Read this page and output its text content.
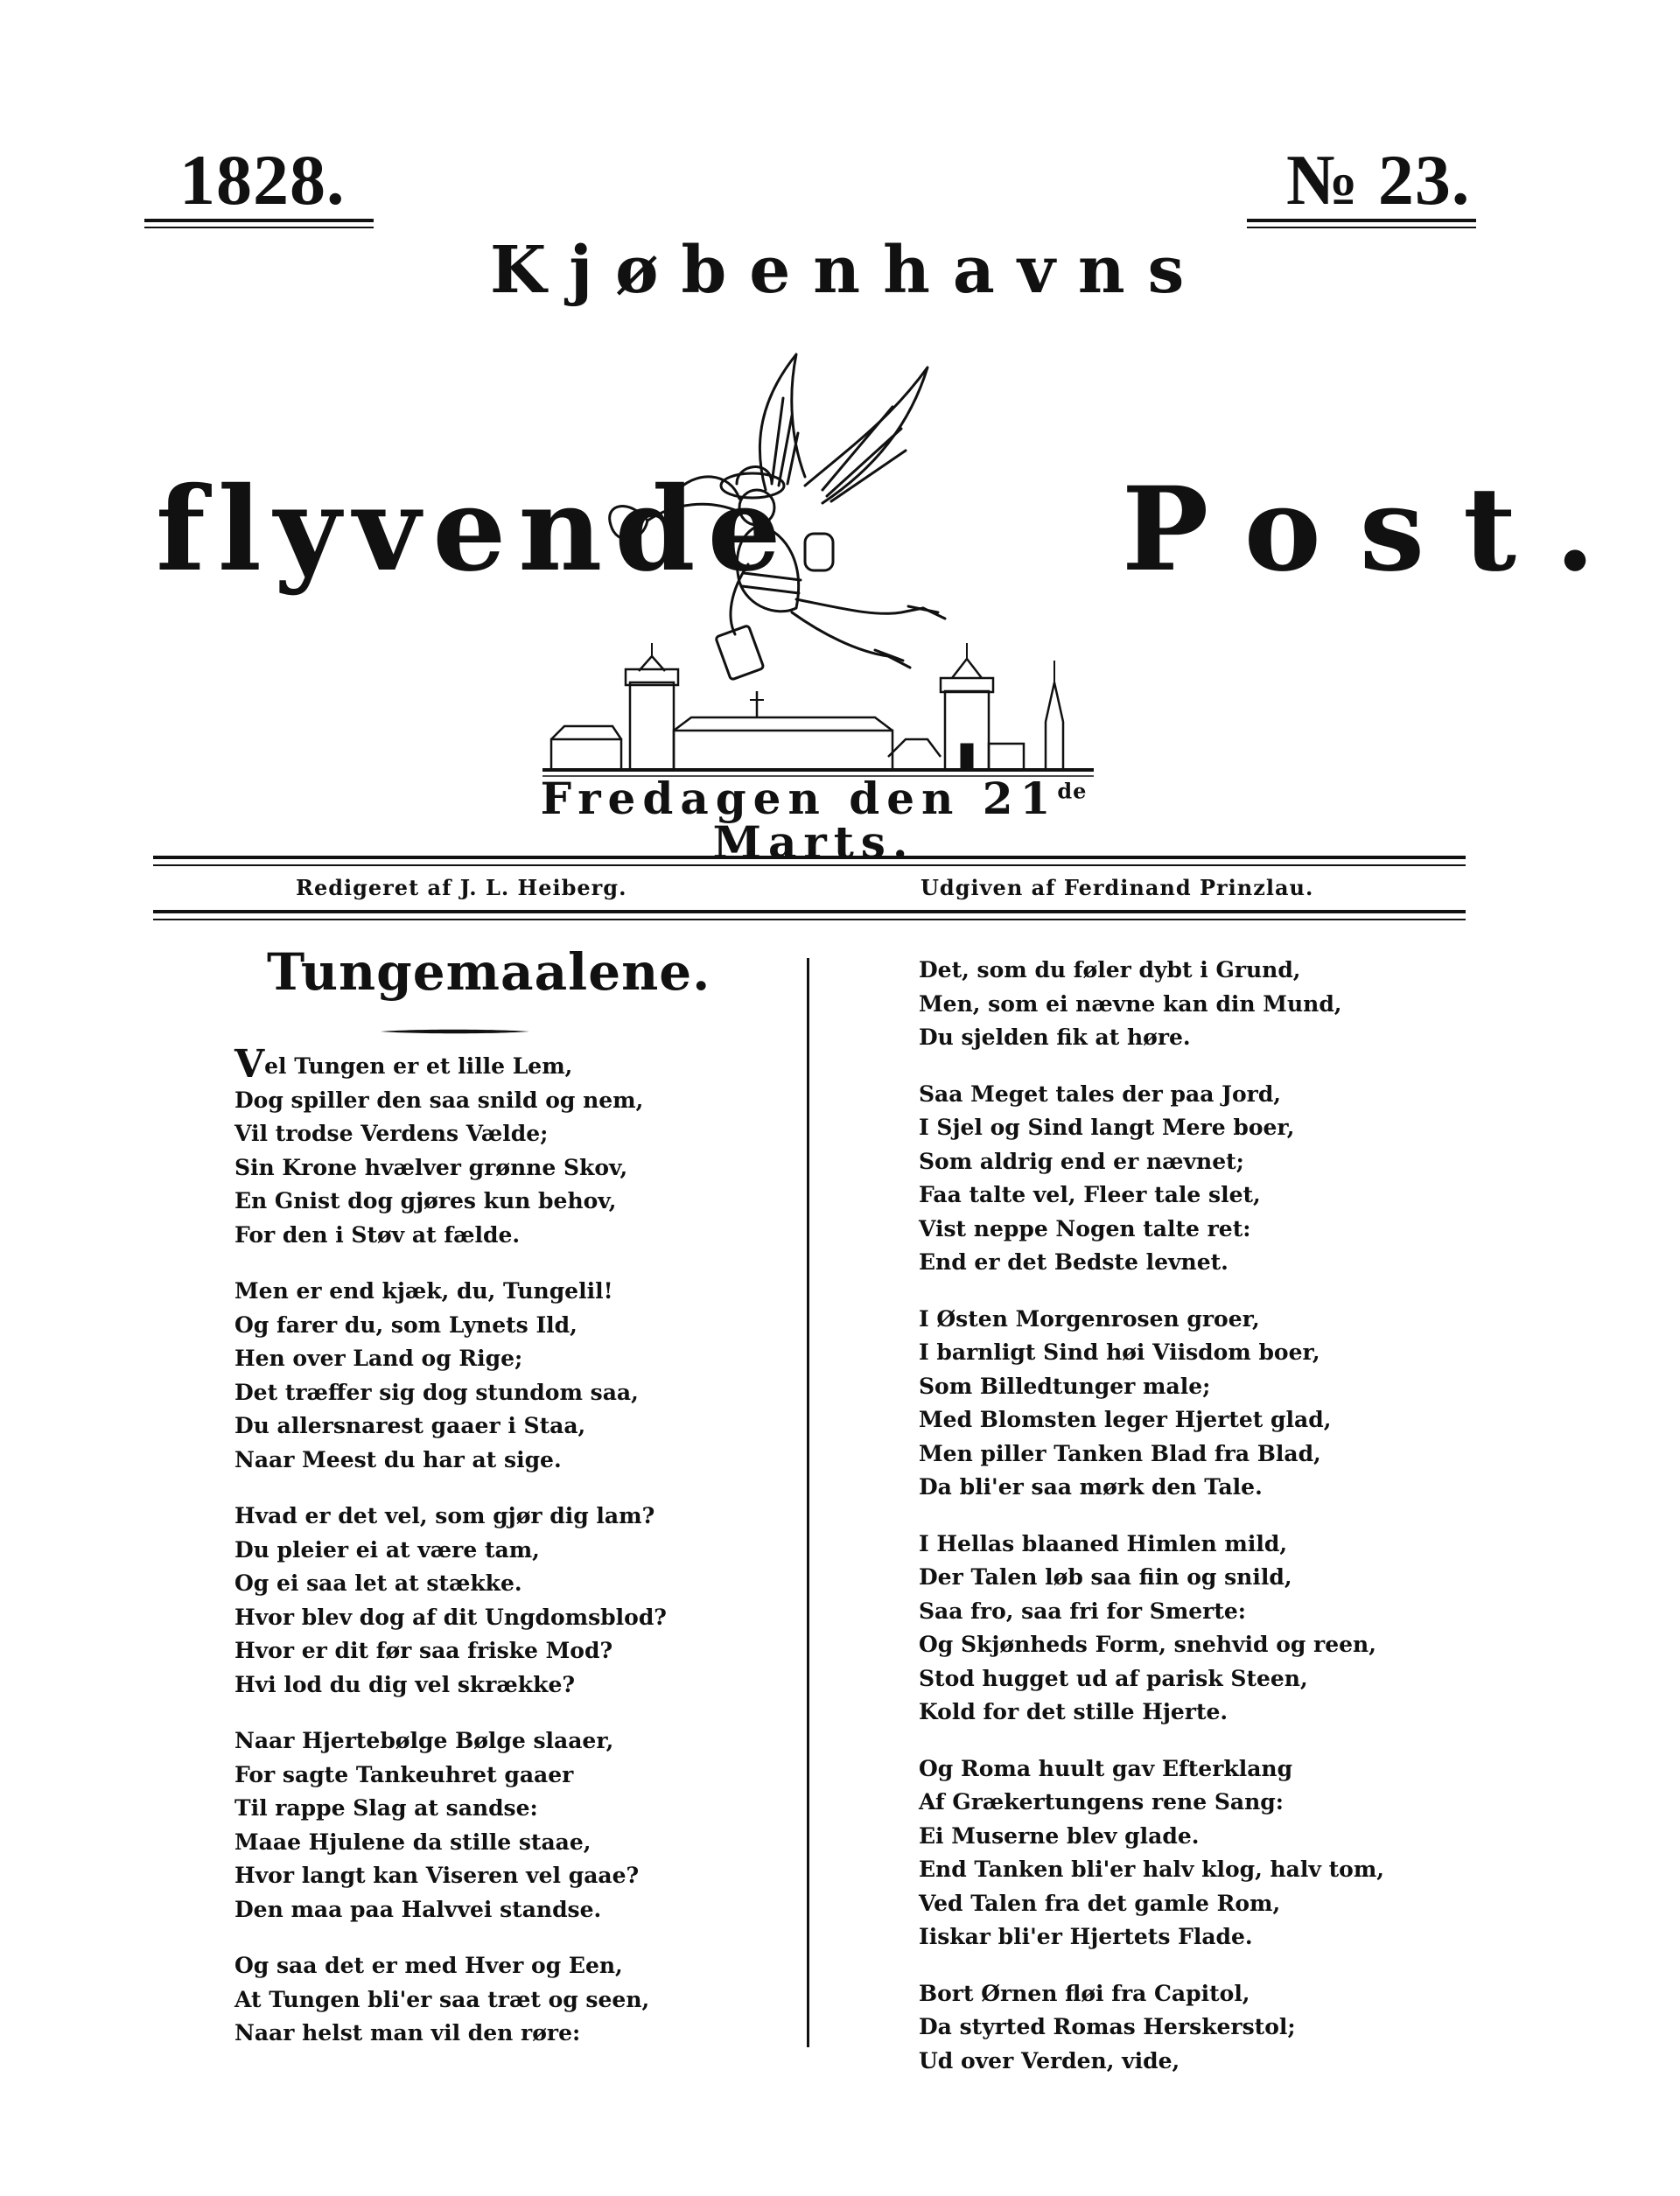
1828.	№ 23.
Kjøbenhavns
flyvende	Post.
Fredagen den 21de Marts.
Redigeret af J. L. Heiberg.	Udgiven af Ferdinand Prinzlau.
Tungemaalene.
Vel Tungen er et lille Lem,
Dog spiller den saa snild og nem,
Vil trodse Verdens Vælde;
Sin Krone hvælver grønne Skov,
En Gnist dog gjøres kun behov,
For den i Støv at fælde.
Men er end kjæk, du, Tungelil!
Og farer du, som Lynets Ild,
Hen over Land og Rige;
Det træffer sig dog stundom saa,
Du allersnarest gaaer i Staa,
Naar Meest du har at sige.
Hvad er det vel, som gjør dig lam?
Du pleier ei at være tam,
Og ei saa let at stække.
Hvor blev dog af dit Ungdomsblod?
Hvor er dit før saa friske Mod?
Hvi lod du dig vel skrække?
Naar Hjertebølge Bølge slaaer,
For sagte Tankeuhret gaaer
Til rappe Slag at sandse:
Maae Hjulene da stille staae,
Hvor langt kan Viseren vel gaae?
Den maa paa Halvvei standse.
Og saa det er med Hver og Een,
At Tungen bli'er saa træt og seen,
Naar helst man vil den røre:
Det, som du føler dybt i Grund,
Men, som ei nævne kan din Mund,
Du sjelden fik at høre.
Saa Meget tales der paa Jord,
I Sjel og Sind langt Mere boer,
Som aldrig end er nævnet;
Faa talte vel, Fleer tale slet,
Vist neppe Nogen talte ret:
End er det Bedste levnet.
I Østen Morgenrosen groer,
I barnligt Sind høi Viisdom boer,
Som Billedtunger male;
Med Blomsten leger Hjertet glad,
Men piller Tanken Blad fra Blad,
Da bli'er saa mørk den Tale.
I Hellas blaaned Himlen mild,
Der Talen løb saa fiin og snild,
Saa fro, saa fri for Smerte:
Og Skjønheds Form, snehvid og reen,
Stod hugget ud af parisk Steen,
Kold for det stille Hjerte.
Og Roma huult gav Efterklang
Af Grækertungens rene Sang:
Ei Muserne blev glade.
End Tanken bli'er halv klog, halv tom,
Ved Talen fra det gamle Rom,
Iiskar bli'er Hjertets Flade.
Bort Ørnen fløi fra Capitol,
Da styrted Romas Herskerstol;
Ud over Verden, vide,
